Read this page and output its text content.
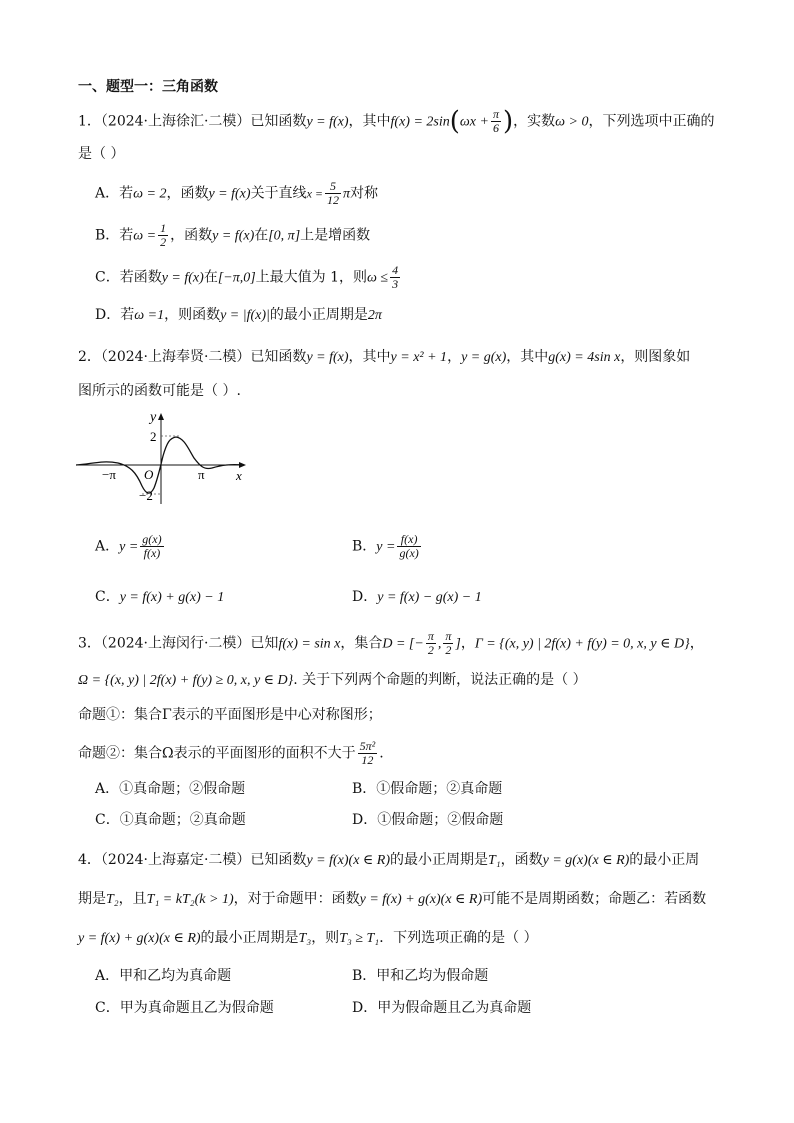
一、题型一：三角函数
1．（2024·上海徐汇·二模）已知函数y = f(x)，其中$f(x) = 2\sin(\omega x + \frac{\pi}{6}$ )，实数ω > 0，下列选项中正确的
是（ ）
A．若ω = 2，函数y = f(x)关于直线$x = \frac{5}{12}$ π对称
B．若$\omega = \frac{1}{2}$ ，函数y = f(x)在[0, π]上是增函数
C．若函数y = f(x)在[−π,0]上最大值为 1，则$\omega \le \frac{4}{3}$
D．若ω =1，则函数y = |f(x)|的最小正周期是2π
2．（2024·上海奉贤·二模）已知函数y = f(x)，其中y = x² + 1，y = g(x)，其中g(x) = 4sin x，则图象如
图所示的函数可能是（ ）.
y
x
O
2
−2
−π	π
A．$y = \frac{g(x)}{f(x)}$	B．$y = \frac{f(x)}{g(x)}$
C．y = f(x) + g(x) − 1	D．y = f(x) − g(x) − 1
3．（2024·上海闵行·二模）已知f(x) = sin x，集合D = [− $\frac{\pi}{2}$ , $\frac{\pi}{2}$ ]，Γ = {(x, y) | 2f(x) + f(y) = 0, x, y ∈ D}，
Ω = {(x, y) | 2f(x) + f(y) ≥ 0, x, y ∈ D}. 关于下列两个命题的判断，说法正确的是（ ）
命题①：集合Γ表示的平面图形是中心对称图形；
命题②：集合Ω表示的平面图形的面积不大于 $\frac{\text{5π²}}{12}$ .
A．①真命题；②假命题	B．①假命题；②真命题
C．①真命题；②真命题	D．①假命题；②假命题
4．（2024·上海嘉定·二模）已知函数y = f(x)(x ∈ R)的最小正周期是T₁，函数y = g(x)(x ∈ R)的最小正周
期是T₂，且T₁ = kT₂(k > 1)，对于命题甲：函数y = f(x) + g(x)(x ∈ R)可能不是周期函数；命题乙：若函数
y = f(x) + g(x)(x ∈ R)的最小正周期是T₃，则T₃ ≥ T₁．下列选项正确的是（ ）
A．甲和乙均为真命题	B．甲和乙均为假命题
C．甲为真命题且乙为假命题	D．甲为假命题且乙为真命题
